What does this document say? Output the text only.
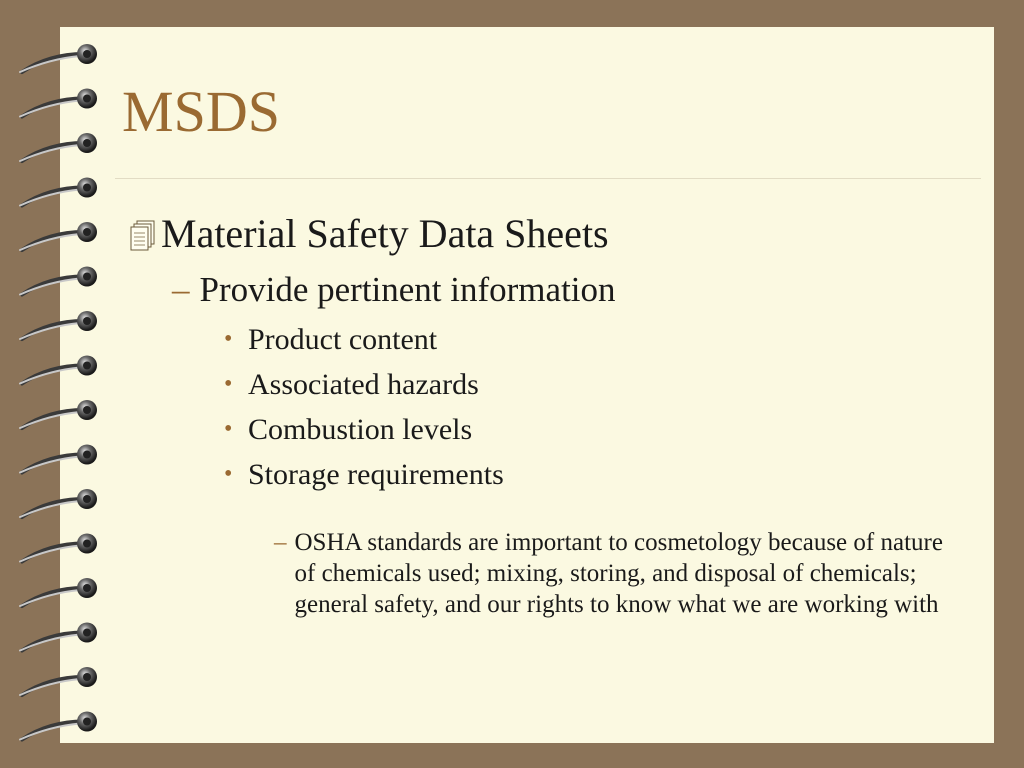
MSDS
Material Safety Data Sheets
– Provide pertinent information
• Product content
• Associated hazards
• Combustion levels
• Storage requirements
– OSHA standards are important to cosmetology because of nature of chemicals used; mixing, storing, and disposal of chemicals; general safety, and our rights to know what we are working with
